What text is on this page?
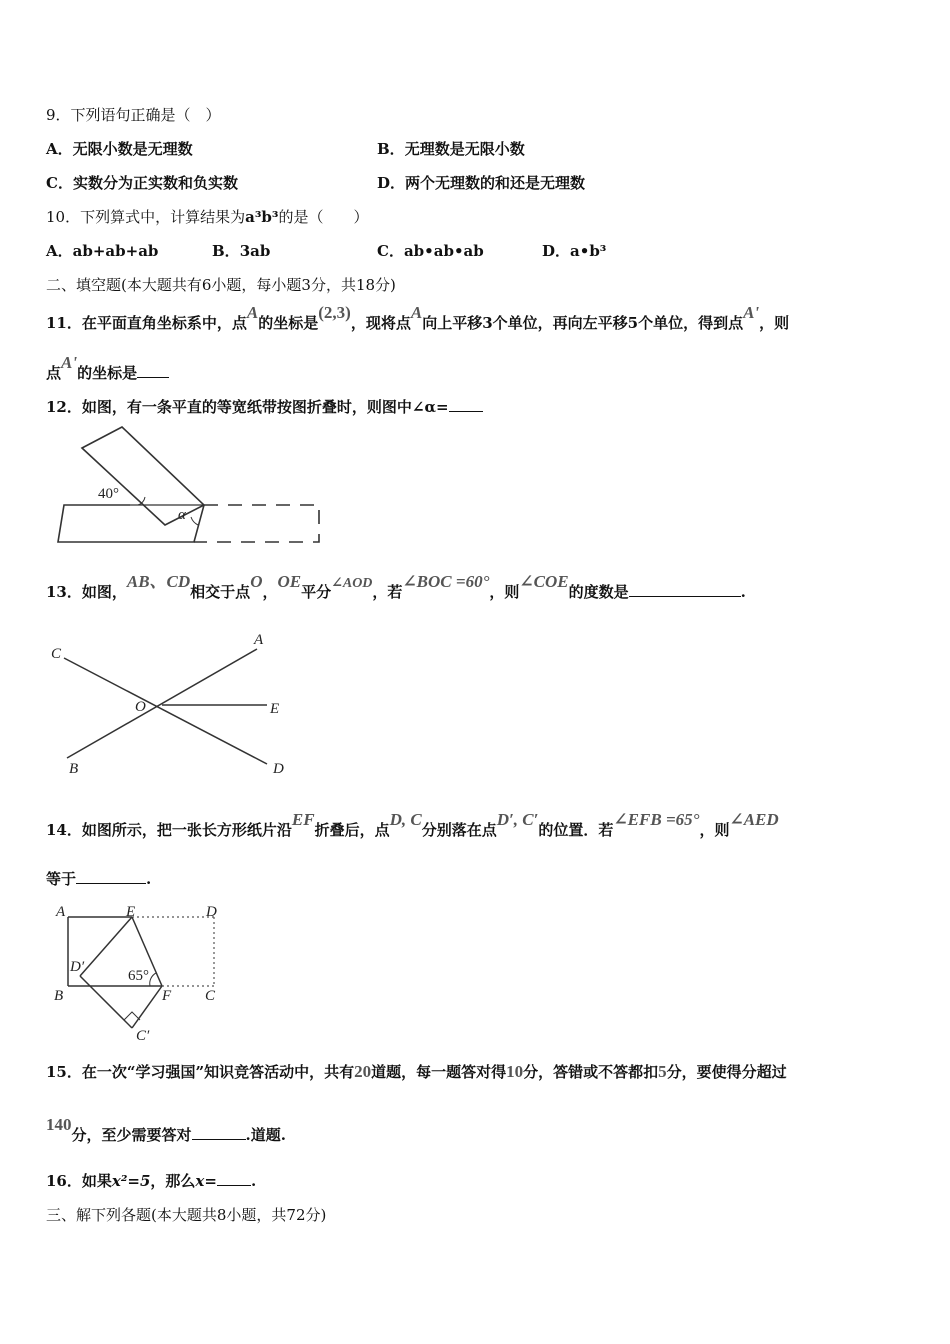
9．下列语句正确是（　）
A．无限小数是无理数	B．无理数是无限小数
C．实数分为正实数和负实数	D．两个无理数的和还是无理数
10．下列算式中，计算结果为a³b³的是（　　）
A．ab+ab+ab	B．3ab	C．ab•ab•ab	D．a•b³
二、填空题(本大题共有6小题，每小题3分，共18分)
11．在平面直角坐标系中，点A的坐标是(2,3)，现将点A向上平移3个单位，再向左平移5个单位，得到点A'，则
点A'的坐标是
12．如图，有一条平直的等宽纸带按图折叠时，则图中∠α=
40°
α
13．如图，AB、CD相交于点O，OE平分∠AOD，若∠BOC =60°，则∠COE的度数是	.
C
A
O	E
B	D
14．如图所示，把一张长方形纸片沿EF折叠后，点D, C分别落在点D′, C′的位置．若∠EFB =65°，则∠AED
等于	.
A	E	D
D′
B	F C
C′
65°
15．在一次“学习强国”知识竞答活动中，共有20道题，每一题答对得10分，答错或不答都扣5分，要使得分超过
140分，至少需要答对	.道题.
16．如果x²=5，那么x= .
三、解下列各题(本大题共8小题，共72分)
